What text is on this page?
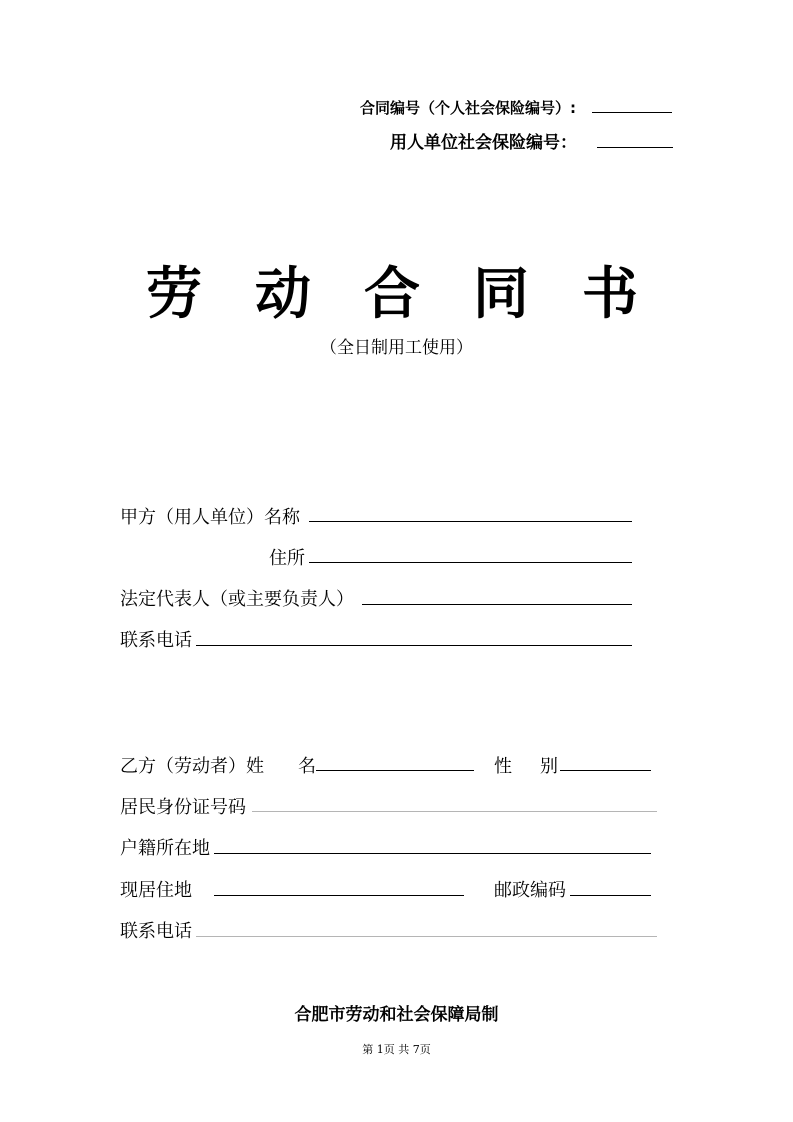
合同编号（个人社会保险编号）:
用人单位社会保险编号：
劳 动 合 同 书
（全日制用工使用）
甲方（用人单位）名称
住所
法定代表人（或主要负责人）
联系电话
乙方（劳动者）姓 名	性 别
居民身份证号码
户籍所在地
现居住地	邮政编码
联系电话
合肥市劳动和社会保障局制
第 1页 共 7页
